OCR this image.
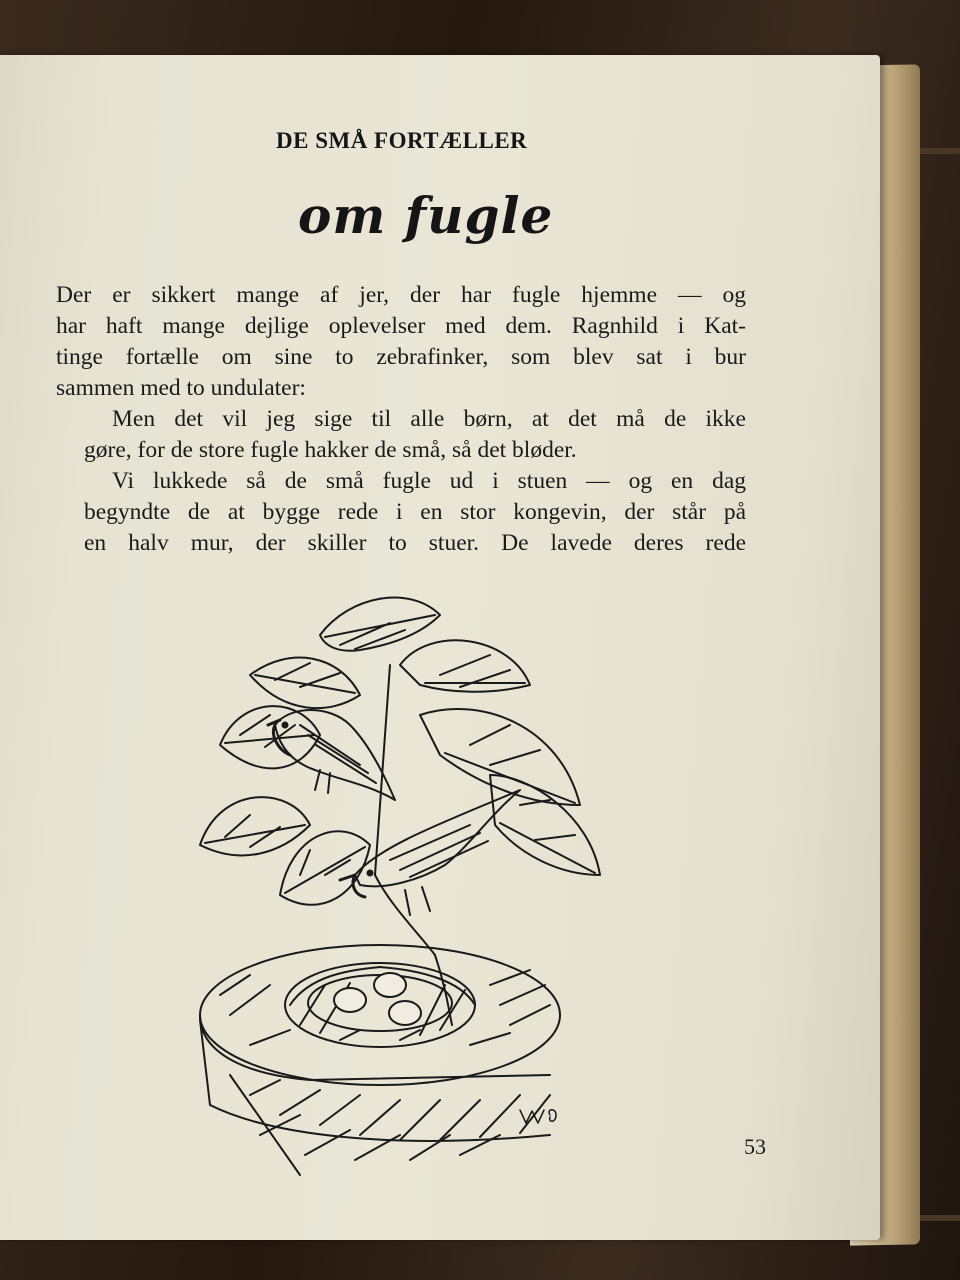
DE SMÅ FORTÆLLER
om fugle
Der er sikkert mange af jer, der har fugle hjemme — og
har haft mange dejlige oplevelser med dem. Ragnhild i Kat-
tinge fortælle om sine to zebrafinker, som blev sat i bur
sammen med to undulater:
Men det vil jeg sige til alle børn, at det må de ikke
gøre, for de store fugle hakker de små, så det bløder.
Vi lukkede så de små fugle ud i stuen — og en dag
begyndte de at bygge rede i en stor kongevin, der står på
en halv mur, der skiller to stuer. De lavede deres rede
53
